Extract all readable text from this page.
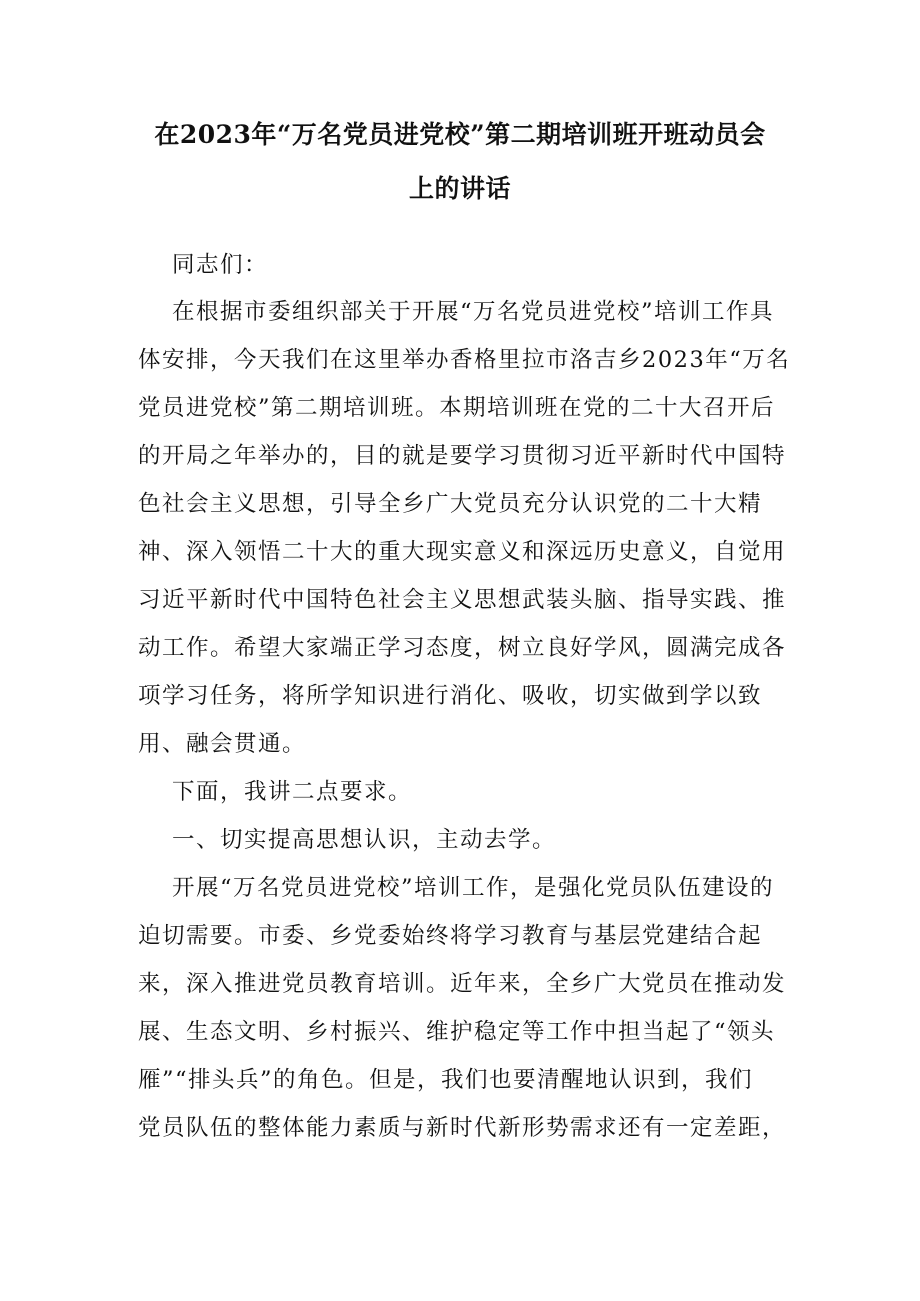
在2023年“万名党员进党校”第二期培训班开班动员会
上的讲话
同志们：
在根据市委组织部关于开展“万名党员进党校”培训工作具
体安排，今天我们在这里举办香格里拉市洛吉乡2023年“万名
党员进党校”第二期培训班。本期培训班在党的二十大召开后
的开局之年举办的，目的就是要学习贯彻习近平新时代中国特
色社会主义思想，引导全乡广大党员充分认识党的二十大精
神、深入领悟二十大的重大现实意义和深远历史意义，自觉用
习近平新时代中国特色社会主义思想武装头脑、指导实践、推
动工作。希望大家端正学习态度，树立良好学风，圆满完成各
项学习任务，将所学知识进行消化、吸收，切实做到学以致
用、融会贯通。
下面，我讲二点要求。
一、切实提高思想认识，主动去学。
开展“万名党员进党校”培训工作，是强化党员队伍建设的
迫切需要。市委、乡党委始终将学习教育与基层党建结合起
来，深入推进党员教育培训。近年来，全乡广大党员在推动发
展、生态文明、乡村振兴、维护稳定等工作中担当起了“领头
雁”“排头兵”的角色。但是，我们也要清醒地认识到，我们
党员队伍的整体能力素质与新时代新形势需求还有一定差距，
